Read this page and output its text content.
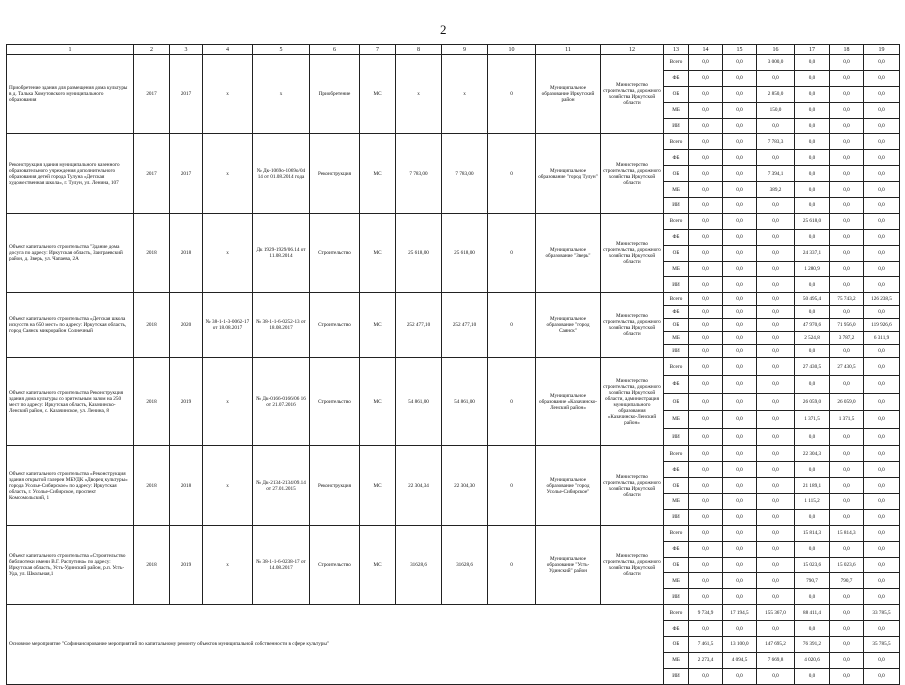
2
1	2	3	4	5	6	7	8	9	10	11	12	13	14	15	16	17	18	19
Приобретение здания для размещения дома культуры в д. Талька Хомутовского муниципального образования	2017	2017	х	х	Приобретение	МС	х	х	0	Муниципальное образование Иркутский район	Министерство строительства, дорожного хозяйства Иркутской области	Всего	0,0	0,0	3 000,0	0,0	0,0	0,0
												ФБ	0,0	0,0	0,0	0,0	0,0	0,0
												ОБ	0,0	0,0	2 850,0	0,0	0,0	0,0
												МБ	0,0	0,0	150,0	0,0	0,0	0,0
												ИИ	0,0	0,0	0,0	0,0	0,0	0,0
Реконструкция здания муниципального казенного образовательного учреждения дополнительного образования детей города Тулуна «Детская художественная школа», г. Тулун, ул. Ленина, 107	2017	2017	х	№ Дк-1069о-1069о/04 14 от 01.08.2014 года	Реконструкция	МС	7 783,00	7 783,00	0	Муниципальное образование "город Тулун"	Министерство строительства, дорожного хозяйства Иркутской области	Всего	0,0	0,0	7 783,3	0,0	0,0	0,0
												ФБ	0,0	0,0	0,0	0,0	0,0	0,0
												ОБ	0,0	0,0	7 394,1	0,0	0,0	0,0
												МБ	0,0	0,0	389,2	0,0	0,0	0,0
												ИИ	0,0	0,0	0,0	0,0	0,0	0,0
Объект капитального строительства "Здание дома досуга по адресу: Иркутская область, Заиграевский район, д. Зверь, ул. Чапаева, 2А	2018	2018	х	Дк 1929-1929/06.14 от 11.08.2014	Строительство	МС	25 618,00	25 618,00	0	Муниципальное образование "Зверь"	Министерство строительства, дорожного хозяйства Иркутской области	Всего	0,0	0,0	0,0	25 618,0	0,0	0,0
												ФБ	0,0	0,0	0,0	0,0	0,0	0,0
												ОБ	0,0	0,0	0,0	24 337,1	0,0	0,0
												МБ	0,0	0,0	0,0	1 280,9	0,0	0,0
												ИИ	0,0	0,0	0,0	0,0	0,0	0,0
Объект капитального строительства «Детская школа искусств на 650 мест» по адресу: Иркутская область, город Саянск микрорайон Солнечный	2018	2020	№ 38-1-1-3-0062-17 от 18.08.2017	№ 38-1-1-6-0252-13 от 18.08.2017	Строительство	МС	252 477,10	252 477,10	0	Муниципальное образование "город Саянск"	Министерство строительства, дорожного хозяйства Иркутской области	Всего	0,0	0,0	0,0	50 495,4	75 743,2	126 238,5
												ФБ	0,0	0,0	0,0	0,0	0,0	0,0
												ОБ	0,0	0,0	0,0	47 970,6	71 956,0	119 926,6
												МБ	0,0	0,0	0,0	2 524,8	3 787,2	6 311,9
												ИИ	0,0	0,0	0,0	0,0	0,0	0,0
Объект капитального строительства Реконструкция здания дома культуры со зрительным залом на 250 мест по адресу: Иркутская область, Казачинско-Ленский район, с. Казачинское, ул. Ленина, 8	2018	2019	х	№ Дк-0166-0166/06 16 от 21.07.2016	Строительство	МС	54 861,00	54 861,00	0	Муниципальное образование «Казачинско-Ленский район»	Министерство строительства, дорожного хозяйства Иркутской области, администрация муниципального образования «Казачинско-Ленский район»	Всего	0,0	0,0	0,0	27 430,5	27 430,5	0,0
												ФБ	0,0	0,0	0,0	0,0	0,0	0,0
												ОБ	0,0	0,0	0,0	26 059,0	26 059,0	0,0
												МБ	0,0	0,0	0,0	1 371,5	1 371,5	0,0
												ИИ	0,0	0,0	0,0	0,0	0,0	0,0
Объект капитального строительства «Реконструкция здания открытой галереи МБУДК «Дворец культуры» города Усолье-Сибирское» по адресу: Иркутская область, г. Усолье-Сибирское, проспект Комсомольский, 1	2018	2018	х	№ Дк-2134-2134/09.14 от 27.01.2015	Реконструкция	МС	22 304,34	22 304,30	0	Муниципальное образование "город Усолье-Сибирское"	Министерство строительства, дорожного хозяйства Иркутской области	Всего	0,0	0,0	0,0	22 304,3	0,0	0,0
												ФБ	0,0	0,0	0,0	0,0	0,0	0,0
												ОБ	0,0	0,0	0,0	21 189,1	0,0	0,0
												МБ	0,0	0,0	0,0	1 115,2	0,0	0,0
												ИИ	0,0	0,0	0,0	0,0	0,0	0,0
Объект капитального строительства «Строительство библиотеки имени В.Г. Распутина» по адресу: Иркутская область, Усть-Удинский район, р.п. Усть-Уда, ул. Школьная,1	2018	2019	х	№ 38-1-1-6-0238-17 от 14.08.2017	Строительство	МС	31628,6	31628,6	0	Муниципальное образование "Усть-Удинский" район	Министерство строительства, дорожного хозяйства Иркутской области	Всего	0,0	0,0	0,0	15 814,3	15 814,3	0,0
												ФБ	0,0	0,0	0,0	0,0	0,0	0,0
												ОБ	0,0	0,0	0,0	15 023,6	15 023,6	0,0
												МБ	0,0	0,0	0,0	790,7	790,7	0,0
												ИИ	0,0	0,0	0,0	0,0	0,0	0,0
Основное мероприятие "Софинансирование мероприятий по капитальному ремонту объектов муниципальной собственности в сфере культуры"												Всего	9 734,9	17 194,5	155 367,0	88 411,4	0,0	33 785,5
												ФБ	0,0	0,0	0,0	0,0	0,0	0,0
												ОБ	7 461,5	13 100,0	147 695,2	76 391,2	0,0	35 785,5
												МБ	2 273,4	4 094,5	7 669,8	4 020,6	0,0	0,0
												ИИ	0,0	0,0	0,0	0,0	0,0	0,0
